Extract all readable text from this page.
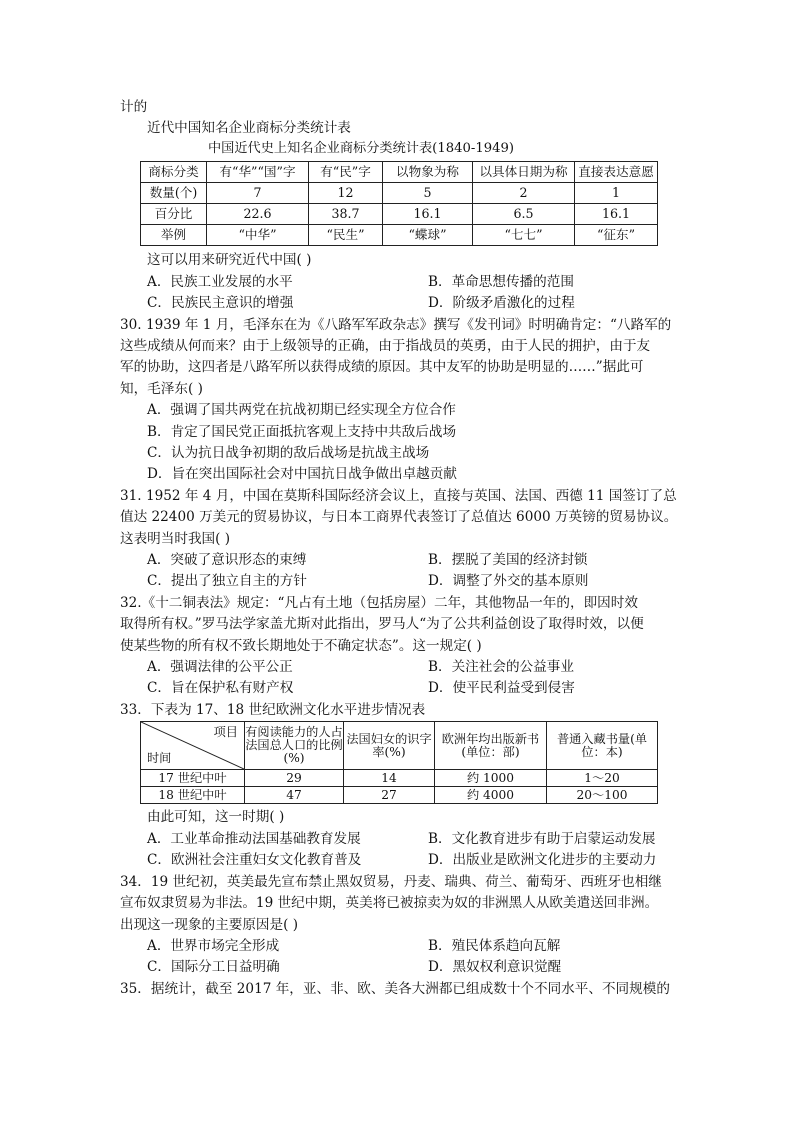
计的
近代中国知名企业商标分类统计表
中国近代史上知名企业商标分类统计表(1840-1949)
商标分类	有“华”“国”字	有“民”字	以物象为称	以具体日期为称	直接表达意愿
数量(个)	7	12	5	2	1
百分比	22.6	38.7	16.1	6.5	16.1
举例	“中华”	“民生”	“蝶球”	“七七”	“征东”
这可以用来研究近代中国( )
A．民族工业发展的水平	B．革命思想传播的范围
C．民族民主意识的增强	D．阶级矛盾激化的过程
30. 1939 年 1 月，毛泽东在为《八路军军政杂志》撰写《发刊词》时明确肯定：“八路军的
这些成绩从何而来？由于上级领导的正确，由于指战员的英勇，由于人民的拥护，由于友
军的协助，这四者是八路军所以获得成绩的原因。其中友军的协助是明显的……”据此可
知，毛泽东( )
A．强调了国共两党在抗战初期已经实现全方位合作
B．肯定了国民党正面抵抗客观上支持中共敌后战场
C．认为抗日战争初期的敌后战场是抗战主战场
D．旨在突出国际社会对中国抗日战争做出卓越贡献
31. 1952 年 4 月，中国在莫斯科国际经济会议上，直接与英国、法国、西德 11 国签订了总
值达 22400 万美元的贸易协议，与日本工商界代表签订了总值达 6000 万英镑的贸易协议。
这表明当时我国( )
A．突破了意识形态的束缚	B．摆脱了美国的经济封锁
C．提出了独立自主的方针	D．调整了外交的基本原则
32.《十二铜表法》规定：“凡占有土地（包括房屋）二年，其他物品一年的，即因时效
取得所有权。”罗马法学家盖尤斯对此指出，罗马人“为了公共利益创设了取得时效，以便
使某些物的所有权不致长期地处于不确定状态”。这一规定( )
A．强调法律的公平公正	B．关注社会的公益事业
C．旨在保护私有财产权	D．使平民利益受到侵害
33．下表为 17、18 世纪欧洲文化水平进步情况表
项目
时间	有阅读能力的人占法国总人口的比例(%)	法国妇女的识字率(%)	欧洲年均出版新书(单位：部)	普通入藏书量(单位：本)
17 世纪中叶	29	14	约 1000	1～20
18 世纪中叶	47	27	约 4000	20～100
由此可知，这一时期( )
A．工业革命推动法国基础教育发展	B．文化教育进步有助于启蒙运动发展
C．欧洲社会注重妇女文化教育普及	D．出版业是欧洲文化进步的主要动力
34．19 世纪初，英美最先宣布禁止黑奴贸易，丹麦、瑞典、荷兰、葡萄牙、西班牙也相继
宣布奴隶贸易为非法。19 世纪中期，英美将已被掠卖为奴的非洲黑人从欧美遣送回非洲。
出现这一现象的主要原因是( )
A．世界市场完全形成	B．殖民体系趋向瓦解
C．国际分工日益明确	D．黑奴权利意识觉醒
35．据统计，截至 2017 年，亚、非、欧、美各大洲都已组成数十个不同水平、不同规模的
